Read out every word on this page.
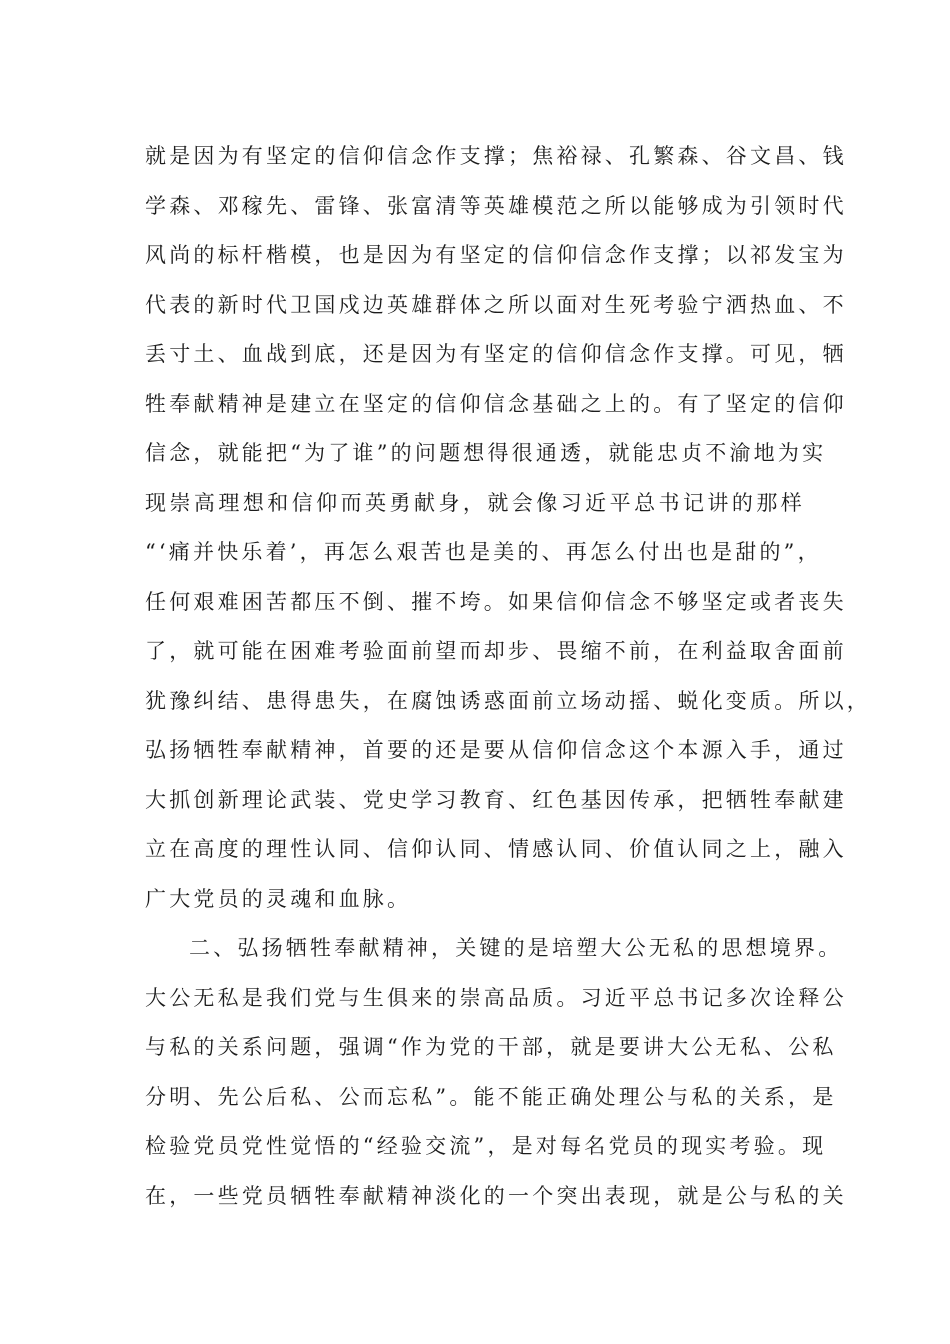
就是因为有坚定的信仰信念作支撑；焦裕禄、孔繁森、谷文昌、钱
学森、邓稼先、雷锋、张富清等英雄模范之所以能够成为引领时代
风尚的标杆楷模，也是因为有坚定的信仰信念作支撑；以祁发宝为
代表的新时代卫国戍边英雄群体之所以面对生死考验宁洒热血、不
丢寸土、血战到底，还是因为有坚定的信仰信念作支撑。可见，牺
牲奉献精神是建立在坚定的信仰信念基础之上的。有了坚定的信仰
信念，就能把“为了谁”的问题想得很通透，就能忠贞不渝地为实
现崇高理想和信仰而英勇献身，就会像习近平总书记讲的那样
“‘痛并快乐着’，再怎么艰苦也是美的、再怎么付出也是甜的”，
任何艰难困苦都压不倒、摧不垮。如果信仰信念不够坚定或者丧失
了，就可能在困难考验面前望而却步、畏缩不前，在利益取舍面前
犹豫纠结、患得患失，在腐蚀诱惑面前立场动摇、蜕化变质。所以，
弘扬牺牲奉献精神，首要的还是要从信仰信念这个本源入手，通过
大抓创新理论武装、党史学习教育、红色基因传承，把牺牲奉献建
立在高度的理性认同、信仰认同、情感认同、价值认同之上，融入
广大党员的灵魂和血脉。
二、弘扬牺牲奉献精神，关键的是培塑大公无私的思想境界。
大公无私是我们党与生俱来的崇高品质。习近平总书记多次诠释公
与私的关系问题，强调“作为党的干部，就是要讲大公无私、公私
分明、先公后私、公而忘私”。能不能正确处理公与私的关系，是
检验党员党性觉悟的“经验交流”，是对每名党员的现实考验。现
在，一些党员牺牲奉献精神淡化的一个突出表现，就是公与私的关
